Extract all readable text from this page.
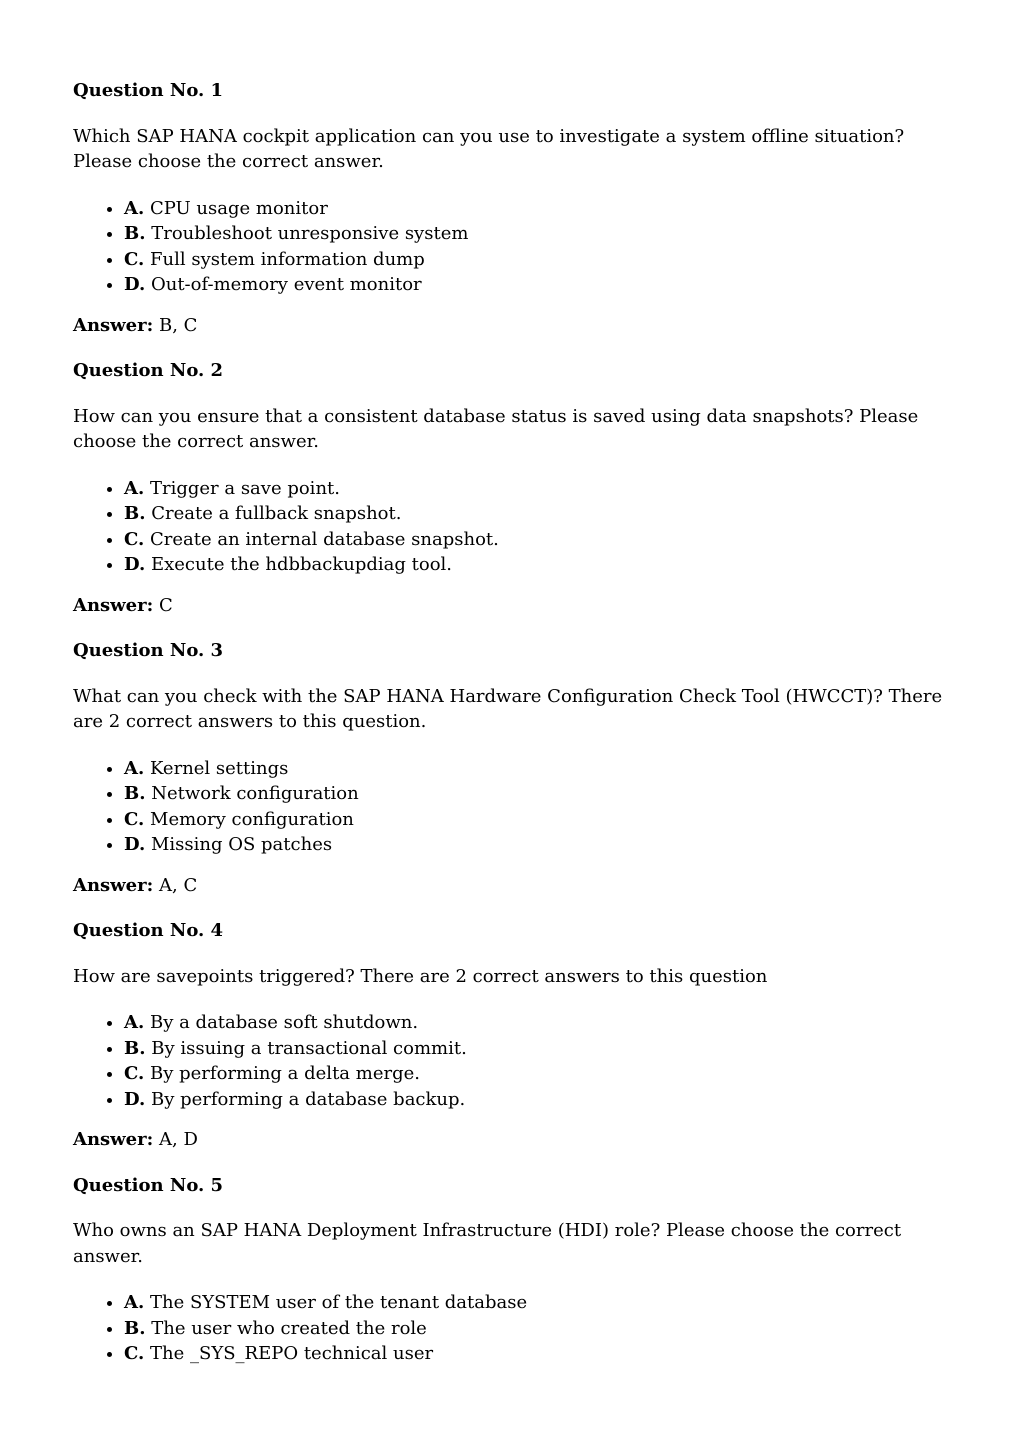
Question No. 1

Which SAP HANA cockpit application can you use to investigate a system offline situation? Please choose the correct answer.

• A. CPU usage monitor
• B. Troubleshoot unresponsive system
• C. Full system information dump
• D. Out-of-memory event monitor

Answer: B, C

Question No. 2

How can you ensure that a consistent database status is saved using data snapshots? Please choose the correct answer.

• A. Trigger a save point.
• B. Create a fullback snapshot.
• C. Create an internal database snapshot.
• D. Execute the hdbbackupdiag tool.

Answer: C

Question No. 3

What can you check with the SAP HANA Hardware Configuration Check Tool (HWCCT)? There are 2 correct answers to this question.

• A. Kernel settings
• B. Network configuration
• C. Memory configuration
• D. Missing OS patches

Answer: A, C

Question No. 4

How are savepoints triggered? There are 2 correct answers to this question

• A. By a database soft shutdown.
• B. By issuing a transactional commit.
• C. By performing a delta merge.
• D. By performing a database backup.

Answer: A, D

Question No. 5

Who owns an SAP HANA Deployment Infrastructure (HDI) role? Please choose the correct answer.

• A. The SYSTEM user of the tenant database
• B. The user who created the role
• C. The _SYS_REPO technical user
